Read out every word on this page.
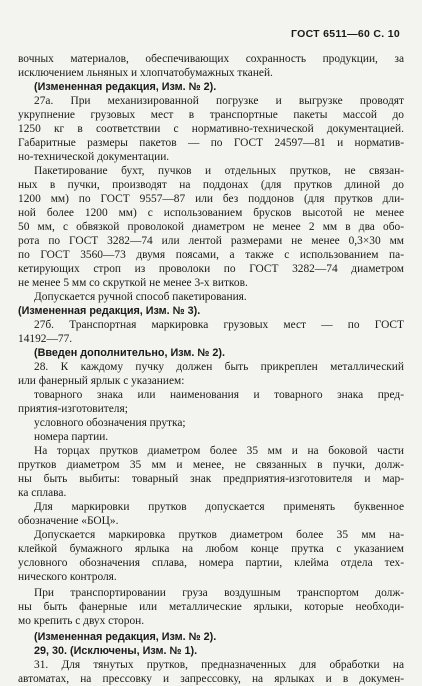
ГОСТ 6511—60 С. 10
вочных материалов, обеспечивающих сохранность продукции, за
исключением льняных и хлопчатобумажных тканей.
(Измененная редакция, Изм. № 2).
27а. При механизированной погрузке и выгрузке проводят
укрупнение грузовых мест в транспортные пакеты массой до
1250 кг в соответствии с нормативно-технической документацией.
Габаритные размеры пакетов — по ГОСТ 24597—81 и норматив-
но-технической документации.
Пакетирование бухт, пучков и отдельных прутков, не связан-
ных в пучки, производят на поддонах (для прутков длиной до
1200 мм) по ГОСТ 9557—87 или без поддонов (для прутков дли-
ной более 1200 мм) с использованием брусков высотой не менее
50 мм, с обвязкой проволокой диаметром не менее 2 мм в два обо-
рота по ГОСТ 3282—74 или лентой размерами не менее 0,3×30 мм
по ГОСТ 3560—73 двумя поясами, а также с использованием па-
кетирующих строп из проволоки по ГОСТ 3282—74 диаметром
не менее 5 мм со скруткой не менее 3-х витков.
Допускается ручной способ пакетирования.
(Измененная редакция, Изм. № 3).
27б. Транспортная маркировка грузовых мест — по ГОСТ
14192—77.
(Введен дополнительно, Изм. № 2).
28. К каждому пучку должен быть прикреплен металлический
или фанерный ярлык с указанием:
товарного знака или наименования и товарного знака пред-
приятия-изготовителя;
условного обозначения прутка;
номера партии.
На торцах прутков диаметром более 35 мм и на боковой части
прутков диаметром 35 мм и менее, не связанных в пучки, долж-
ны быть выбиты: товарный знак предприятия-изготовителя и мар-
ка сплава.
Для маркировки прутков допускается применять буквенное
обозначение «БОЦ».
Допускается маркировка прутков диаметром более 35 мм на-
клейкой бумажного ярлыка на любом конце прутка с указанием
условного обозначения сплава, номера партии, клейма отдела тех-
нического контроля.
При транспортировании груза воздушным транспортом долж-
ны быть фанерные или металлические ярлыки, которые необходи-
мо крепить с двух сторон.
(Измененная редакция, Изм. № 2).
29, 30. (Исключены, Изм. № 1).
31. Для тянутых прутков, предназначенных для обработки на
автоматах, на прессовку и запрессовку, на ярлыках и в докумен-
